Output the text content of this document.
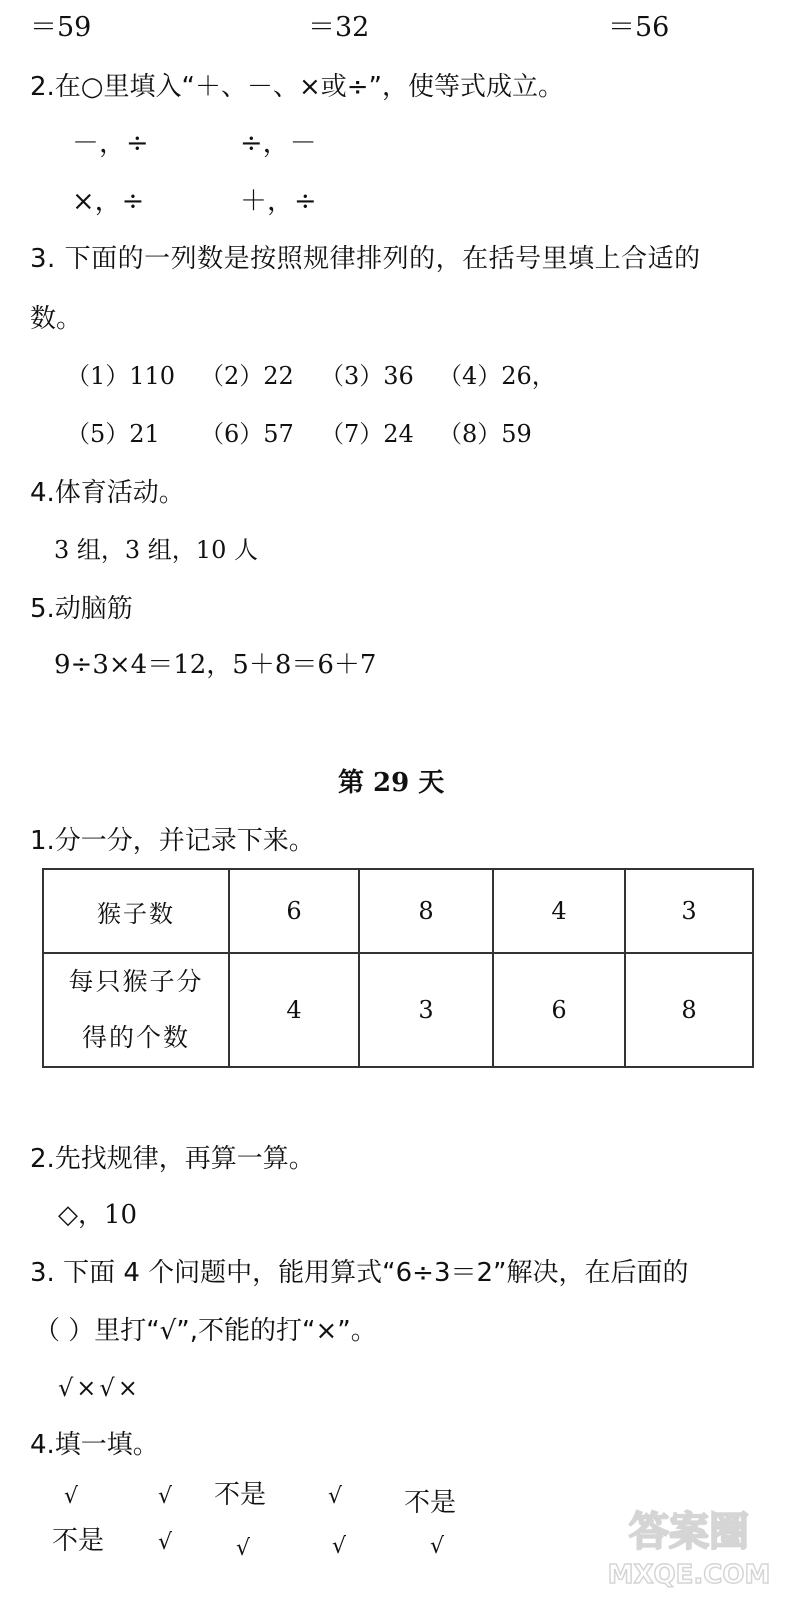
＝59	＝32	＝56
2.在○里填入“＋、－、×或÷”，使等式成立。
－，÷	÷，－
×，÷	＋，÷
3. 下面的一列数是按照规律排列的，在括号里填上合适的
数。
（1）110 （2）22 （3）36 （4）26，
（5）21 （6）57 （7）24 （8）59
4.体育活动。
3 组，3 组，10 人
5.动脑筋
9÷3×4＝12，5＋8＝6＋7
第 29 天
1.分一分，并记录下来。
猴子数	6	8	4	3
每只猴子分
得的个数
4	3	6	8
2.先找规律，再算一算。
◇，10
3. 下面 4 个问题中，能用算式“6÷3＝2”解决，在后面的
（ ）里打“√”,不能的打“×”。
√×√×
4.填一填。
√	√ 不是	√ 不是
不是 √	√	√	√	答案圈
MXQE.COM
